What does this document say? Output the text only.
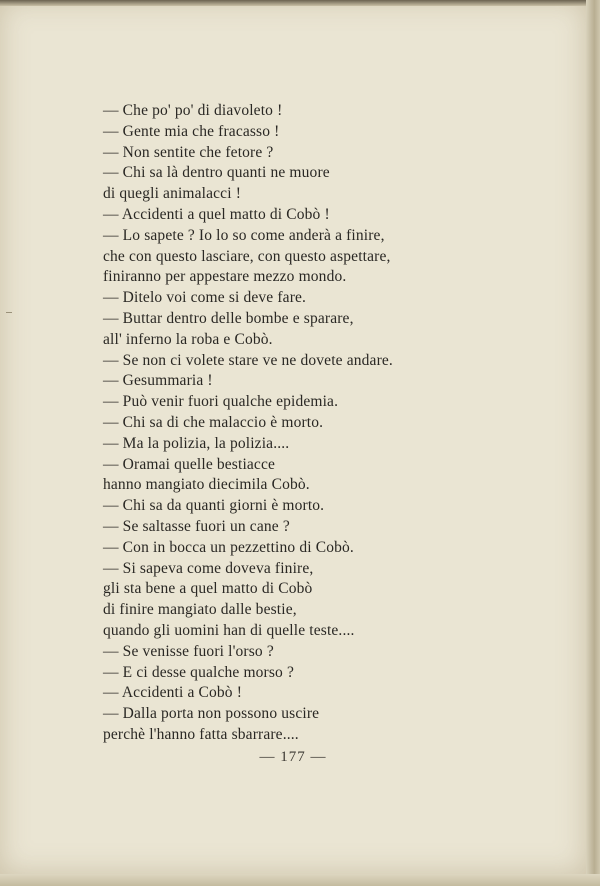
— Che po' po' di diavoleto !
— Gente mia che fracasso !
— Non sentite che fetore ?
— Chi sa là dentro quanti ne muore
di quegli animalacci !
— Accidenti a quel matto di Cobò !
— Lo sapete ? Io lo so come anderà a finire,
che con questo lasciare, con questo aspettare,
finiranno per appestare mezzo mondo.
— Ditelo voi come si deve fare.
— Buttar dentro delle bombe e sparare,
all' inferno la roba e Cobò.
— Se non ci volete stare ve ne dovete andare.
— Gesummaria !
— Può venir fuori qualche epidemia.
— Chi sa di che malaccio è morto.
— Ma la polizia, la polizia....
— Oramai quelle bestiacce
hanno mangiato diecimila Cobò.
— Chi sa da quanti giorni è morto.
— Se saltasse fuori un cane ?
— Con in bocca un pezzettino di Cobò.
— Si sapeva come doveva finire,
gli sta bene a quel matto di Cobò
di finire mangiato dalle bestie,
quando gli uomini han di quelle teste....
— Se venisse fuori l'orso ?
— E ci desse qualche morso ?
— Accidenti a Cobò !
— Dalla porta non possono uscire
perchè l'hanno fatta sbarrare....
— 177 —
